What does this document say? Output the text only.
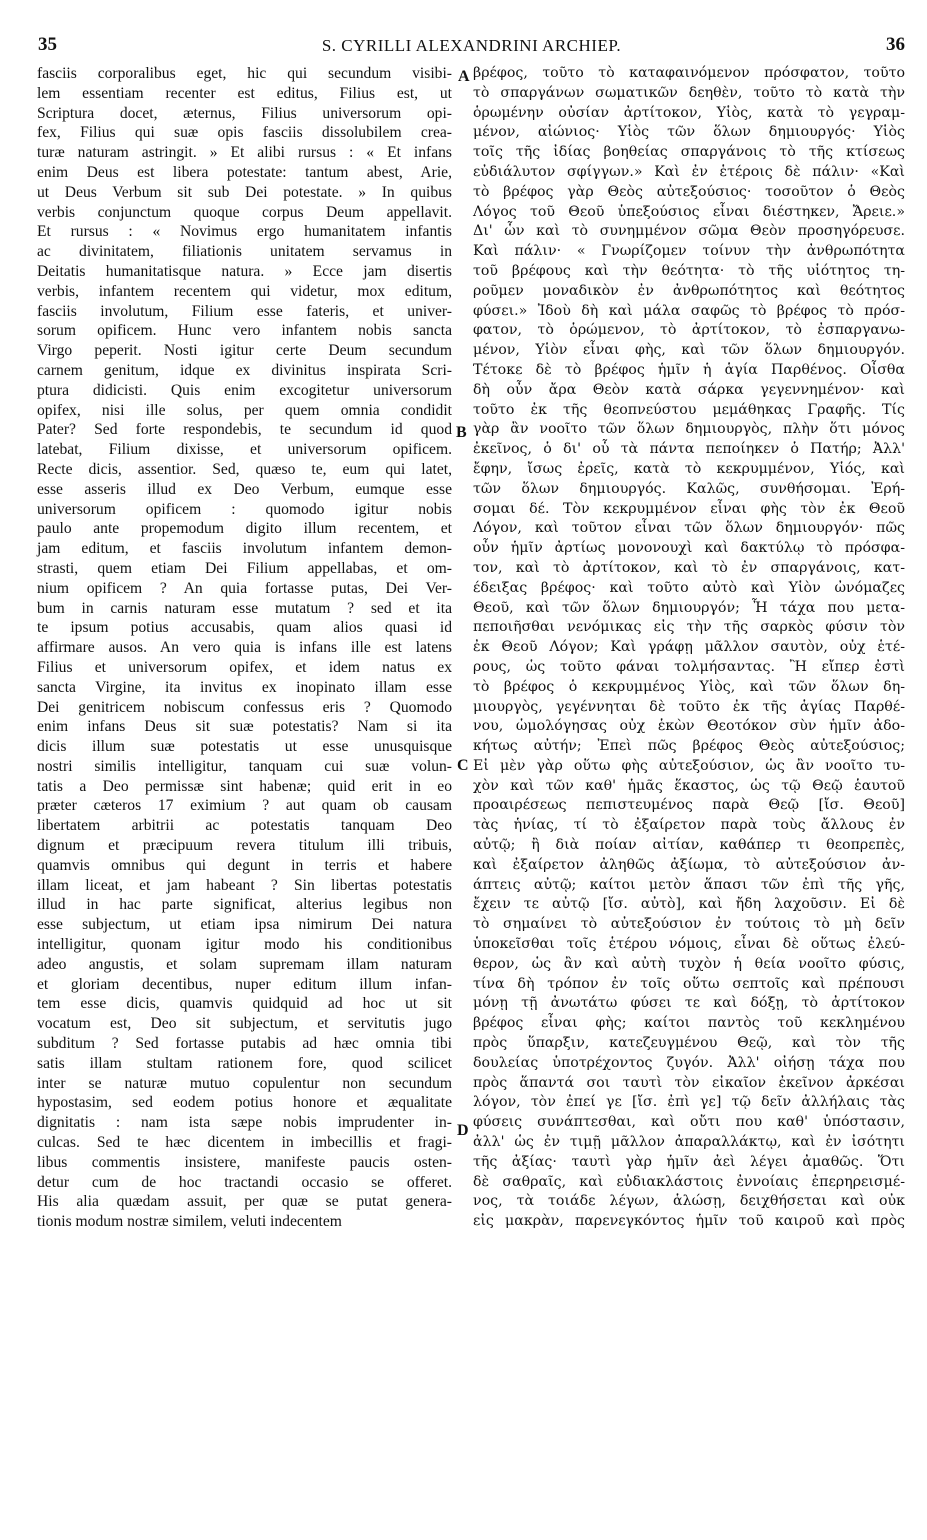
35	S. CYRILLI ALEXANDRINI ARCHIEP.	36
fasciis corporalibus eget, hic qui secundum visibi-
lem essentiam recenter est editus, Filius est, ut
Scriptura docet, æternus, Filius universorum opi-
fex, Filius qui suæ opis fasciis dissolubilem crea-
turæ naturam astringit. » Et alibi rursus : « Et infans
enim Deus est libera potestate: tantum abest, Arie,
ut Deus Verbum sit sub Dei potestate. » In quibus
verbis conjunctum quoque corpus Deum appellavit.
Et rursus : « Novimus ergo humanitatem infantis
ac divinitatem, filiationis unitatem servamus in
Deitatis humanitatisque natura. » Ecce jam disertis
verbis, infantem recentem qui videtur, mox editum,
fasciis involutum, Filium esse fateris, et univer-
sorum opificem. Hunc vero infantem nobis sancta
Virgo peperit. Nosti igitur certe Deum secundum
carnem genitum, idque ex divinitus inspirata Scri-
ptura didicisti. Quis enim excogitetur universorum
opifex, nisi ille solus, per quem omnia condidit
Pater? Sed forte respondebis, te secundum id quod
latebat, Filium dixisse, et universorum opificem.
Recte dicis, assentior. Sed, quæso te, eum qui latet,
esse asseris illud ex Deo Verbum, eumque esse
universorum opificem : quomodo igitur nobis
paulo ante propemodum digito illum recentem, et
jam editum, et fasciis involutum infantem demon-
strasti, quem etiam Dei Filium appellabas, et om-
nium opificem ? An quia fortasse putas, Dei Ver-
bum in carnis naturam esse mutatum ? sed et ita
te ipsum potius accusabis, quam alios quasi id
affirmare ausos. An vero quia is infans ille est latens
Filius et universorum opifex, et idem natus ex
sancta Virgine, ita invitus ex inopinato illam esse
Dei genitricem nobiscum confessus eris ? Quomodo
enim infans Deus sit suæ potestatis? Nam si ita
dicis illum suæ potestatis ut esse unusquisque
nostri similis intelligitur, tanquam cui suæ volun-
tatis a Deo permissæ sint habenæ; quid erit in eo
præter cæteros 17 eximium ? aut quam ob causam
libertatem arbitrii ac potestatis tanquam Deo
dignum et præcipuum revera titulum illi tribuis,
quamvis omnibus qui degunt in terris et habere
illam liceat, et jam habeant ? Sin libertas potestatis
illud in hac parte significat, alterius legibus non
esse subjectum, ut etiam ipsa nimirum Dei natura
intelligitur, quonam igitur modo his conditionibus
adeo angustis, et solam supremam illam naturam
et gloriam decentibus, nuper editum illum infan-
tem esse dicis, quamvis quidquid ad hoc ut sit
vocatum est, Deo sit subjectum, et servitutis jugo
subditum ? Sed fortasse putabis ad hæc omnia tibi
satis illam stultam rationem fore, quod scilicet
inter se naturæ mutuo copulentur non secundum
hypostasim, sed eodem potius honore et æqualitate
dignitatis : nam ista sæpe nobis imprudenter in-
culcas. Sed te hæc dicentem in imbecillis et fragi-
libus commentis insistere, manifeste paucis osten-
detur cum de hoc tractandi occasio se offeret.
His alia quædam assuit, per quæ se putat genera-
tionis modum nostræ similem, veluti indecentem
βρέφος, τοῦτο τὸ καταφαινόμενον πρόσφατον, τοῦτο
τὸ σπαργάνων σωματικῶν δεηθὲν, τοῦτο τὸ κατὰ τὴν
ὁρωμένην οὐσίαν ἀρτίτοκον, Υἱὸς, κατὰ τὸ γεγραμ-
μένον, αἰώνιος· Υἱὸς τῶν ὅλων δημιουργός· Υἱὸς
τοῖς τῆς ἰδίας βοηθείας σπαργάνοις τὸ τῆς κτίσεως
εὐδιάλυτον σφίγγων.» Καὶ ἐν ἑτέροις δὲ πάλιν· «Καὶ
τὸ βρέφος γὰρ Θεὸς αὐτεξούσιος· τοσοῦτον ὁ Θεὸς
Λόγος τοῦ Θεοῦ ὑπεξούσιος εἶναι διέστηκεν, Ἄρειε.»
Δι' ὧν καὶ τὸ συνημμένον σῶμα Θεὸν προσηγόρευσε.
Καὶ πάλιν· « Γνωρίζομεν τοίνυν τὴν ἀνθρωπότητα
τοῦ βρέφους καὶ τὴν θεότητα· τὸ τῆς υἱότητος τη-
ροῦμεν μοναδικὸν ἐν ἀνθρωπότητος καὶ θεότητος
φύσει.» Ἰδοὺ δὴ καὶ μάλα σαφῶς τὸ βρέφος τὸ πρόσ-
φατον, τὸ ὁρώμενον, τὸ ἀρτίτοκον, τὸ ἐσπαργανω-
μένον, Υἱὸν εἶναι φὴς, καὶ τῶν ὅλων δημιουργόν.
Τέτοκε δὲ τὸ βρέφος ἡμῖν ἡ ἁγία Παρθένος. Οἶσθα
δὴ οὖν ἄρα Θεὸν κατὰ σάρκα γεγεννημένον· καὶ
τοῦτο ἐκ τῆς θεοπνεύστου μεμάθηκας Γραφῆς. Τίς
γὰρ ἂν νοοῖτο τῶν ὅλων δημιουργὸς, πλὴν ὅτι μόνος
ἐκεῖνος, ὁ δι' οὗ τὰ πάντα πεποίηκεν ὁ Πατήρ; Ἀλλ'
ἔφην, ἴσως ἐρεῖς, κατὰ τὸ κεκρυμμένον, Υἱός, καὶ
τῶν ὅλων δημιουργός. Καλῶς, συνθήσομαι. Ἐρή-
σομαι δέ. Τὸν κεκρυμμένον εἶναι φὴς τὸν ἐκ Θεοῦ
Λόγον, καὶ τοῦτον εἶναι τῶν ὅλων δημιουργόν· πῶς
οὖν ἡμῖν ἀρτίως μονονουχὶ καὶ δακτύλῳ τὸ πρόσφα-
τον, καὶ τὸ ἀρτίτοκον, καὶ τὸ ἐν σπαργάνοις, κατ-
έδειξας βρέφος· καὶ τοῦτο αὐτὸ καὶ Υἱὸν ὠνόμαζες
Θεοῦ, καὶ τῶν ὅλων δημιουργόν; Ἦ τάχα που μετα-
πεποιῆσθαι νενόμικας εἰς τὴν τῆς σαρκὸς φύσιν τὸν
ἐκ Θεοῦ Λόγον; Καὶ γράφῃ μᾶλλον σαυτὸν, οὐχ ἑτέ-
ρους, ὡς τοῦτο φάναι τολμήσαντας. Ἢ εἴπερ ἐστὶ
τὸ βρέφος ὁ κεκρυμμένος Υἱὸς, καὶ τῶν ὅλων δη-
μιουργὸς, γεγέννηται δὲ τοῦτο ἐκ τῆς ἁγίας Παρθέ-
νου, ὡμολόγησας οὐχ ἑκὼν Θεοτόκον σὺν ἡμῖν ἀδο-
κήτως αὐτήν; Ἐπεὶ πῶς βρέφος Θεὸς αὐτεξούσιος;
Εἰ μὲν γὰρ οὕτω φὴς αὐτεξούσιον, ὡς ἂν νοοῖτο τυ-
χὸν καὶ τῶν καθ' ἡμᾶς ἕκαστος, ὡς τῷ Θεῷ ἑαυτοῦ
προαιρέσεως πεπιστευμένος παρὰ Θεῷ [ἴσ. Θεοῦ]
τὰς ἡνίας, τί τὸ ἐξαίρετον παρὰ τοὺς ἄλλους ἐν
αὐτῷ; ἢ διὰ ποίαν αἰτίαν, καθάπερ τι θεοπρεπὲς,
καὶ ἐξαίρετον ἀληθῶς ἀξίωμα, τὸ αὐτεξούσιον ἀν-
άπτεις αὐτῷ; καίτοι μετὸν ἅπασι τῶν ἐπὶ τῆς γῆς,
ἔχειν τε αὐτῷ [ἴσ. αὐτὸ], καὶ ἤδη λαχοῦσιν. Εἰ δὲ
τὸ σημαίνει τὸ αὐτεξούσιον ἐν τούτοις τὸ μὴ δεῖν
ὑποκεῖσθαι τοῖς ἑτέρου νόμοις, εἶναι δὲ οὕτως ἐλεύ-
θερον, ὡς ἂν καὶ αὐτὴ τυχὸν ἡ θεία νοοῖτο φύσις,
τίνα δὴ τρόπον ἐν τοῖς οὕτω σεπτοῖς καὶ πρέπουσι
μόνῃ τῇ ἀνωτάτω φύσει τε καὶ δόξῃ, τὸ ἀρτίτοκον
βρέφος εἶναι φὴς; καίτοι παντὸς τοῦ κεκλημένου
πρὸς ὕπαρξιν, κατεζευγμένου Θεῷ, καὶ τὸν τῆς
δουλείας ὑποτρέχοντος ζυγόν. Ἀλλ' οἰήσῃ τάχα που
πρὸς ἅπαντά σοι ταυτὶ τὸν εἰκαῖον ἐκεῖνον ἀρκέσαι
λόγον, τὸν ἐπεί γε [ἴσ. ἐπὶ γε] τῷ δεῖν ἀλλήλαις τὰς
φύσεις συνάπτεσθαι, καὶ οὔτι που καθ' ὑπόστασιν,
ἀλλ' ὡς ἐν τιμῇ μᾶλλον ἀπαραλλάκτῳ, καὶ ἐν ἰσότητι
τῆς ἀξίας· ταυτὶ γὰρ ἡμῖν ἀεὶ λέγει ἀμαθῶς. Ὅτι
δὲ σαθραῖς, καὶ εὐδιακλάστοις ἐννοίαις ἐπερηρεισμέ-
νος, τὰ τοιάδε λέγων, ἁλώσῃ, δειχθήσεται καὶ οὐκ
εἰς μακρὰν, παρενεγκόντος ἡμῖν τοῦ καιροῦ καὶ πρὸς
A
B
C
D
